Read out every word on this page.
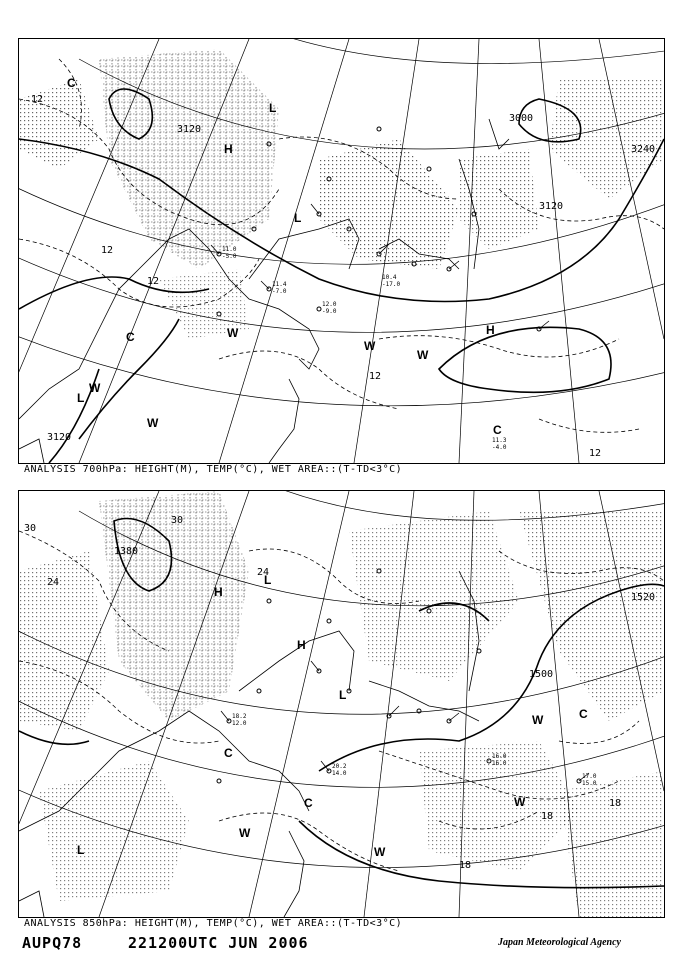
11.0
-5.0
10.4
-17.0
11.3
-4.0
12.0
-9.0
11.4
-7.0
3120
3000
3240
3120
3120
12
12
12
12
12
H
H
L
L
L
C
C
C
W
W
W
W
W
ANALYSIS 700hPa: HEIGHT(M), TEMP(°C), WET AREA::(T-TD<3°C)
18.2
12.0
20.2
14.0
16.0
16.0
17.0
15.0
1380
1500
1520
30
30
24
24
18
18
18
H
H
L
L
L
C
C
C
W
W
W
W
ANALYSIS 850hPa: HEIGHT(M), TEMP(°C), WET AREA::(T-TD<3°C)
AUPQ78	221200UTC JUN 2006	Japan Meteorological Agency
